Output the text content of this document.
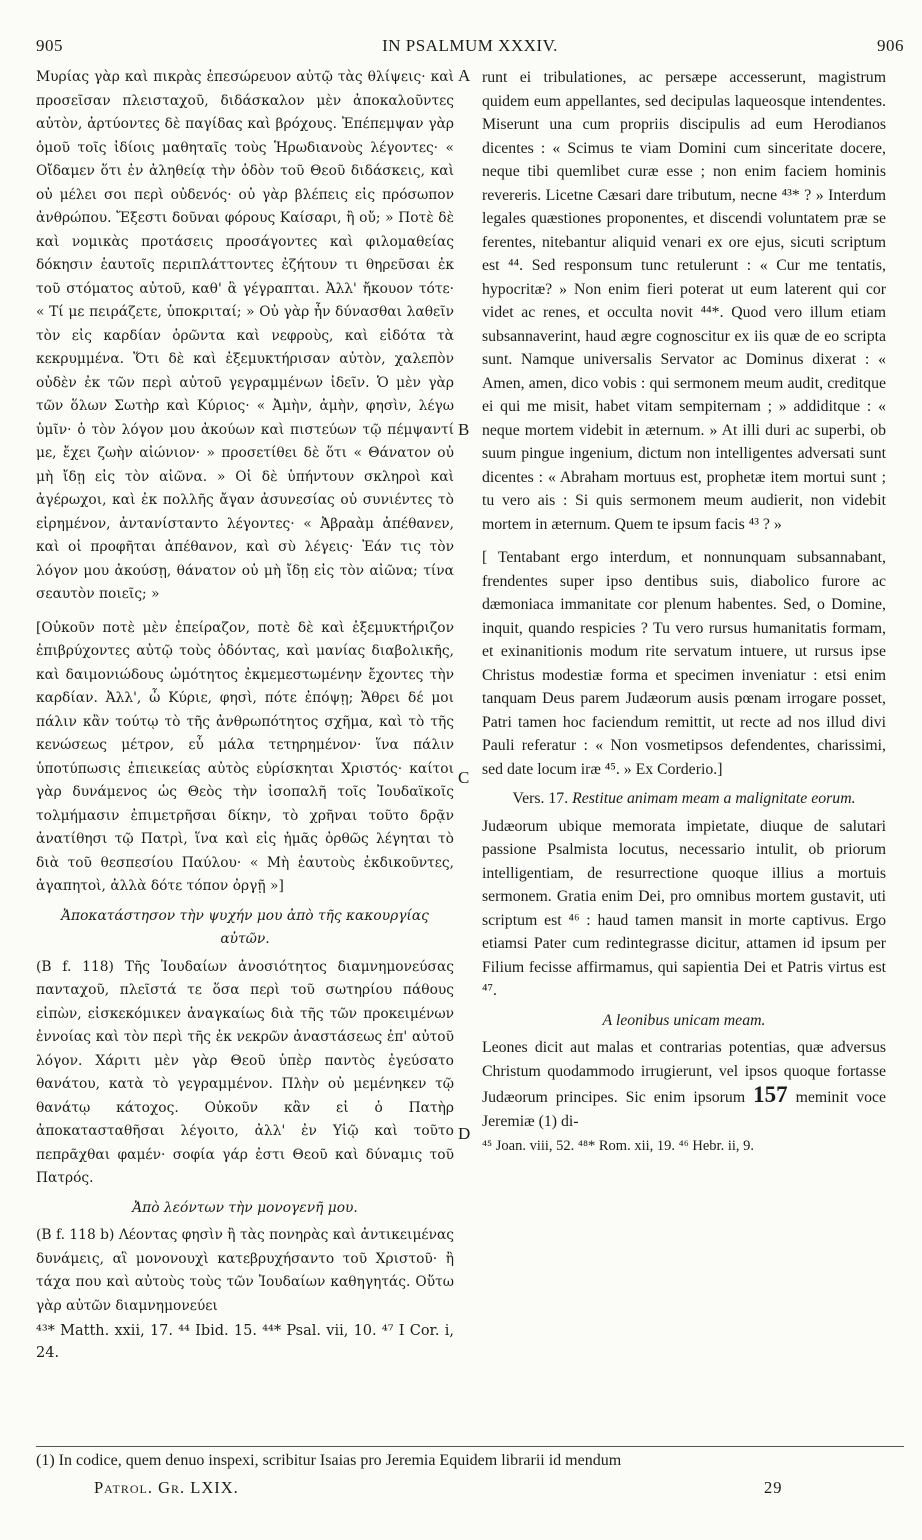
905	IN PSALMUM XXXIV.	906
A
B
C
D

Μυρίας γὰρ καὶ πικρὰς ἐπεσώρευον αὐτῷ τὰς θλίψεις· καὶ προσεῖσαν πλεισταχοῦ, διδάσκαλον μὲν ἀποκαλοῦντες αὐτὸν, ἀρτύοντες δὲ παγίδας καὶ βρόχους. Ἐπέπεμψαν γὰρ ὁμοῦ τοῖς ἰδίοις μαθηταῖς τοὺς Ἡρωδιανοὺς λέγοντες· « Οἴδαμεν ὅτι ἐν ἀληθείᾳ τὴν ὁδὸν τοῦ Θεοῦ διδάσκεις, καὶ οὐ μέλει σοι περὶ οὐδενός· οὐ γὰρ βλέπεις εἰς πρόσωπον ἀνθρώπου. Ἔξεστι δοῦναι φόρους Καίσαρι, ἢ οὔ; » Ποτὲ δὲ καὶ νομικὰς προτάσεις προσάγοντες καὶ φιλομαθείας δόκησιν ἑαυτοῖς περιπλάττοντες ἐζήτουν τι θηρεῦσαι ἐκ τοῦ στόματος αὐτοῦ, καθ' ἃ γέγραπται. Ἀλλ' ἤκουον τότε· « Τί με πειράζετε, ὑποκριταί; » Οὐ γὰρ ἦν δύνασθαι λαθεῖν τὸν εἰς καρδίαν ὁρῶντα καὶ νεφροὺς, καὶ εἰδότα τὰ κεκρυμμένα. Ὅτι δὲ καὶ ἐξεμυκτήρισαν αὐτὸν, χαλεπὸν οὐδὲν ἐκ τῶν περὶ αὐτοῦ γεγραμμένων ἰδεῖν. Ὁ μὲν γὰρ τῶν ὅλων Σωτὴρ καὶ Κύριος· « Ἀμὴν, ἀμὴν, φησὶν, λέγω ὑμῖν· ὁ τὸν λόγον μου ἀκούων καὶ πιστεύων τῷ πέμψαντί με, ἔχει ζωὴν αἰώνιον· » προσετίθει δὲ ὅτι « Θάνατον οὐ μὴ ἴδῃ εἰς τὸν αἰῶνα. » Οἱ δὲ ὑπήντουν σκληροὶ καὶ ἀγέρωχοι, καὶ ἐκ πολλῆς ἄγαν ἀσυνεσίας οὐ συνιέντες τὸ εἰρημένον, ἀντανίσταντο λέγοντες· « Ἀβραὰμ ἀπέθανεν, καὶ οἱ προφῆται ἀπέθανον, καὶ σὺ λέγεις· Ἐάν τις τὸν λόγον μου ἀκούσῃ, θάνατον οὐ μὴ ἴδῃ εἰς τὸν αἰῶνα; τίνα σεαυτὸν ποιεῖς; »

[Οὐκοῦν ποτὲ μὲν ἐπείραζον, ποτὲ δὲ καὶ ἐξεμυκτήριζον ἐπιβρύχοντες αὐτῷ τοὺς ὀδόντας, καὶ μανίας διαβολικῆς, καὶ δαιμονιώδους ὠμότητος ἐκμεμεστωμένην ἔχοντες τὴν καρδίαν. Ἀλλ', ὦ Κύριε, φησὶ, πότε ἐπόψῃ; Ἄθρει δέ μοι πάλιν κἂν τούτῳ τὸ τῆς ἀνθρωπότητος σχῆμα, καὶ τὸ τῆς κενώσεως μέτρον, εὖ μάλα τετηρημένον· ἵνα πάλιν ὑποτύπωσις ἐπιεικείας αὐτὸς εὑρίσκηται Χριστός· καίτοι γὰρ δυνάμενος ὡς Θεὸς τὴν ἰσοπαλῆ τοῖς Ἰουδαϊκοῖς τολμήμασιν ἐπιμετρῆσαι δίκην, τὸ χρῆναι τοῦτο δρᾷν ἀνατίθησι τῷ Πατρὶ, ἵνα καὶ εἰς ἡμᾶς ὀρθῶς λέγηται τὸ διὰ τοῦ θεσπεσίου Παύλου· « Μὴ ἑαυτοὺς ἐκδικοῦντες, ἀγαπητοὶ, ἀλλὰ δότε τόπον ὀργῇ »]

Ἀποκατάστησον τὴν ψυχήν μου ἀπὸ τῆς κακουργίας αὐτῶν.

(B f. 118) Τῆς Ἰουδαίων ἀνοσιότητος διαμνημονεύσας πανταχοῦ, πλεῖστά τε ὅσα περὶ τοῦ σωτηρίου πάθους εἰπὼν, εἰσκεκόμικεν ἀναγκαίως διὰ τῆς τῶν προκειμένων ἐννοίας καὶ τὸν περὶ τῆς ἐκ νεκρῶν ἀναστάσεως ἐπ' αὐτοῦ λόγον. Χάριτι μὲν γὰρ Θεοῦ ὑπὲρ παντὸς ἐγεύσατο θανάτου, κατὰ τὸ γεγραμμένον. Πλὴν οὐ μεμένηκεν τῷ θανάτῳ κάτοχος. Οὐκοῦν κἂν εἰ ὁ Πατὴρ ἀποκατασταθῆσαι λέγοιτο, ἀλλ' ἐν Υἱῷ καὶ τοῦτο πεπρᾶχθαι φαμέν· σοφία γάρ ἐστι Θεοῦ καὶ δύναμις τοῦ Πατρός.

Ἀπὸ λεόντων τὴν μονογενῆ μου.

(B f. 118 b) Λέοντας φησὶν ἢ τὰς πονηρὰς καὶ ἀντικειμένας δυνάμεις, αἳ μονονουχὶ κατεβρυχήσαντο τοῦ Χριστοῦ· ἢ τάχα που καὶ αὐτοὺς τοὺς τῶν Ἰουδαίων καθηγητάς. Οὕτω γὰρ αὐτῶν διαμνημονεύει

⁴³* Matth. xxii, 17. ⁴⁴ Ibid. 15. ⁴⁴* Psal. vii, 10. ⁴⁷ I Cor. i, 24.

runt ei tribulationes, ac persæpe accesserunt, magistrum quidem eum appellantes, sed decipulas laqueosque intendentes. Miserunt una cum propriis discipulis ad eum Herodianos dicentes : « Scimus te viam Domini cum sinceritate docere, neque tibi quemlibet curæ esse ; non enim faciem hominis revereris. Licetne Cæsari dare tributum, necne ⁴³* ? » Interdum legales quæstiones proponentes, et discendi voluntatem præ se ferentes, nitebantur aliquid venari ex ore ejus, sicuti scriptum est ⁴⁴. Sed responsum tunc retulerunt : « Cur me tentatis, hypocritæ? » Non enim fieri poterat ut eum laterent qui cor videt ac renes, et occulta novit ⁴⁴*. Quod vero illum etiam subsannaverint, haud ægre cognoscitur ex iis quæ de eo scripta sunt. Namque universalis Servator ac Dominus dixerat : « Amen, amen, dico vobis : qui sermonem meum audit, creditque ei qui me misit, habet vitam sempiternam ; » addiditque : « neque mortem videbit in æternum. » At illi duri ac superbi, ob suum pingue ingenium, dictum non intelligentes adversati sunt dicentes : « Abraham mortuus est, prophetæ item mortui sunt ; tu vero ais : Si quis sermonem meum audierit, non videbit mortem in æternum. Quem te ipsum facis ⁴³ ? »

[ Tentabant ergo interdum, et nonnunquam subsannabant, frendentes super ipso dentibus suis, diabolico furore ac dæmoniaca immanitate cor plenum habentes. Sed, o Domine, inquit, quando respicies ? Tu vero rursus humanitatis formam, et exinanitionis modum rite servatum intuere, ut rursus ipse Christus modestiæ forma et specimen inveniatur : etsi enim tanquam Deus parem Judæorum ausis pœnam irrogare posset, Patri tamen hoc faciendum remittit, ut recte ad nos illud divi Pauli referatur : « Non vosmetipsos defendentes, charissimi, sed date locum iræ ⁴⁵. » Ex Corderio.]

Vers. 17. Restitue animam meam a malignitate eorum.

Judæorum ubique memorata impietate, diuque de salutari passione Psalmista locutus, necessario intulit, ob priorum intelligentiam, de resurrectione quoque illius a mortuis sermonem. Gratia enim Dei, pro omnibus mortem gustavit, uti scriptum est ⁴⁶ : haud tamen mansit in morte captivus. Ergo etiamsi Pater cum redintegrasse dicitur, attamen id ipsum per Filium fecisse affirmamus, qui sapientia Dei et Patris virtus est ⁴⁷.

A leonibus unicam meam.

Leones dicit aut malas et contrarias potentias, quæ adversus Christum quodammodo irrugierunt, vel ipsos quoque fortasse Judæorum principes. Sic enim ipsorum 157 meminit voce Jeremiæ (1) di-

⁴⁵ Joan. viii, 52. ⁴⁸* Rom. xii, 19. ⁴⁶ Hebr. ii, 9.

(1) In codice, quem denuo inspexi, scribitur Isaias pro Jeremia Equidem librarii id mendum
Patrol. Gr. LXIX.	29
